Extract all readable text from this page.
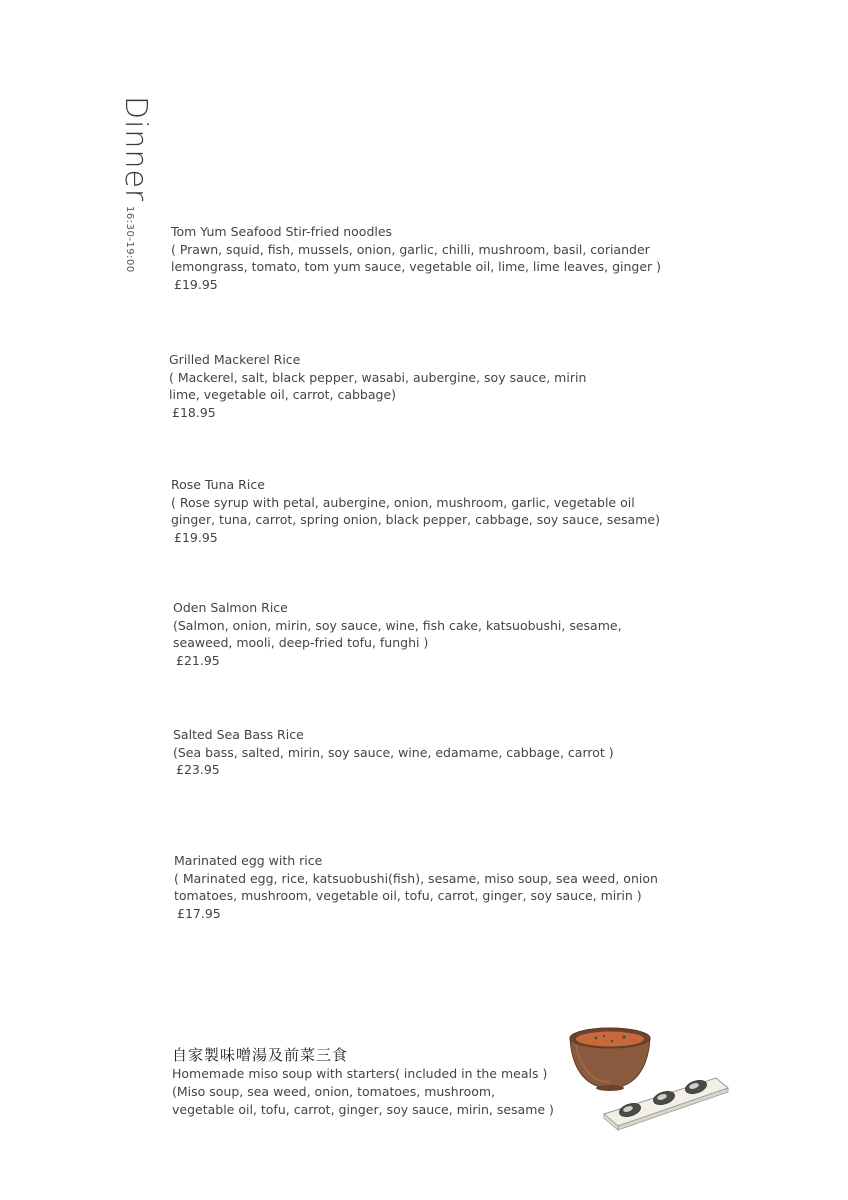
Dinner
16:30-19:00	Tom Yum Seafood Stir-fried noodles
( Prawn, squid, fish, mussels, onion, garlic, chilli, mushroom, basil, coriander
lemongrass, tomato, tom yum sauce, vegetable oil, lime, lime leaves, ginger )
£19.95
Grilled Mackerel Rice
( Mackerel, salt, black pepper, wasabi, aubergine, soy sauce, mirin
lime, vegetable oil, carrot, cabbage)
£18.95
Rose Tuna Rice
( Rose syrup with petal, aubergine, onion, mushroom, garlic, vegetable oil
ginger, tuna, carrot, spring onion, black pepper, cabbage, soy sauce, sesame)
£19.95
Oden Salmon Rice
(Salmon, onion, mirin, soy sauce, wine, fish cake, katsuobushi, sesame,
seaweed, mooli, deep-fried tofu, funghi )
£21.95
Salted Sea Bass Rice
(Sea bass, salted, mirin, soy sauce, wine, edamame, cabbage, carrot )
£23.95
Marinated egg with rice
( Marinated egg, rice, katsuobushi(fish), sesame, miso soup, sea weed, onion
tomatoes, mushroom, vegetable oil, tofu, carrot, ginger, soy sauce, mirin )
£17.95
自家製味噌湯及前菜三食
Homemade miso soup with starters( included in the meals )
(Miso soup, sea weed, onion, tomatoes, mushroom,
vegetable oil, tofu, carrot, ginger, soy sauce, mirin, sesame )
